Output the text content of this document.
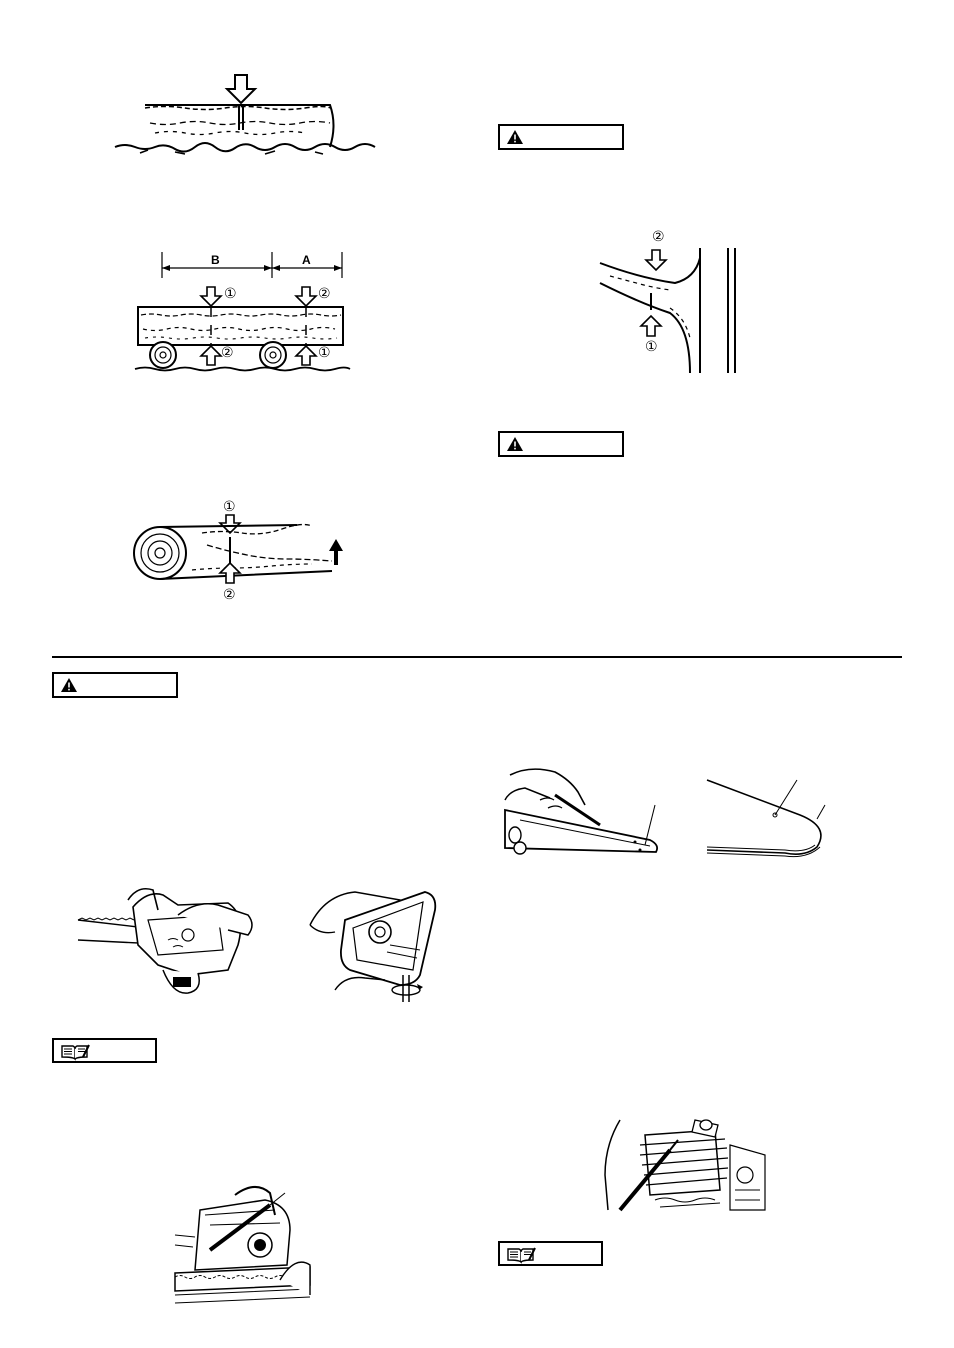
B	A
①
②
②
①
①
②
②
①
